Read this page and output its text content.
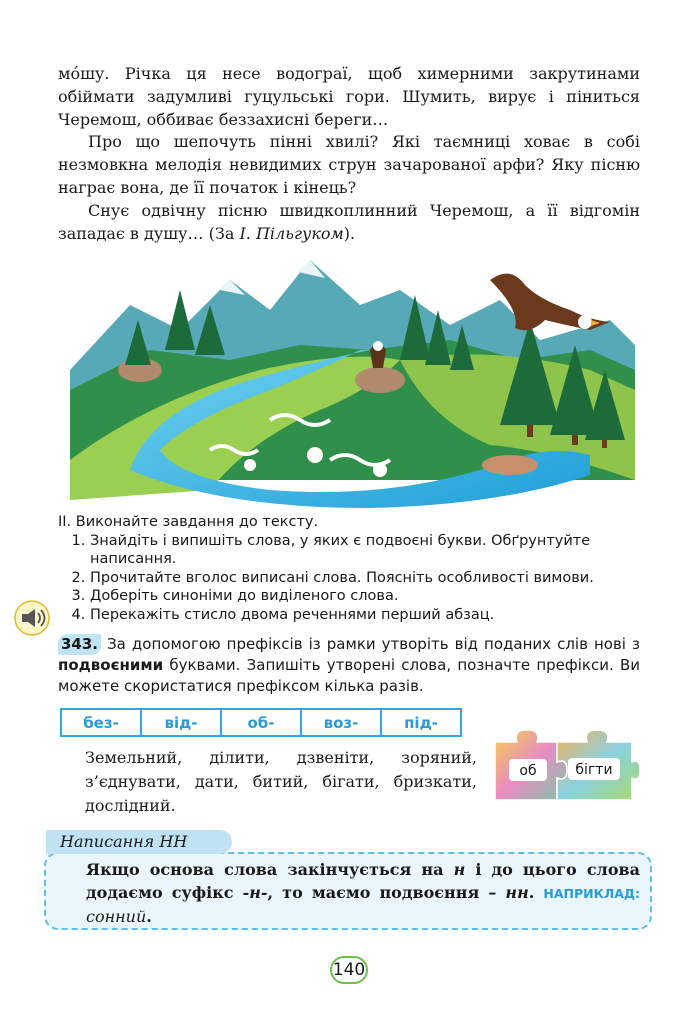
мóшу. Річка ця несе водограї, щоб химерними закрутинами обіймати задумливі гуцульські гори. Шумить, вирує і піниться Черемош, оббиває беззахисні береги…

Про що шепочуть пінні хвилі? Які таємниці ховає в собі незмовкна мелодія невидимих струн зачарованої арфи? Яку пісню награє вона, де її початок і кінець?

Снує одвічну пісню швидкоплинний Черемош, а її відгомін западає в душу… (За І. Пільгуком).

ІІ. Виконайте завдання до тексту.
1. Знайдіть і випишіть слова, у яких є подвоєні букви. Обґрунтуйте написання.
2. Прочитайте вголос виписані слова. Поясніть особливості вимови.
3. Доберіть синоніми до виділеного слова.
4. Перекажіть стисло двома реченнями перший абзац.
343. За допомогою префіксів із рамки утворіть від поданих слів нові з подвоєними буквами. Запишіть утворені слова, позначте префікси. Ви можете скористатися префіксом кілька разів.
без-	від-	об-	воз-	під-
Земельний, ділити, дзвеніти, зоряний, з’єднувати, дати, битий, бігати, бризкати, дослідний.
об	бігти
Написання НН
Якщо основа слова закінчується на н і до цього слова додаємо суфікс -н-, то маємо подвоєння – нн. НАПРИКЛАД: сонний.
140
